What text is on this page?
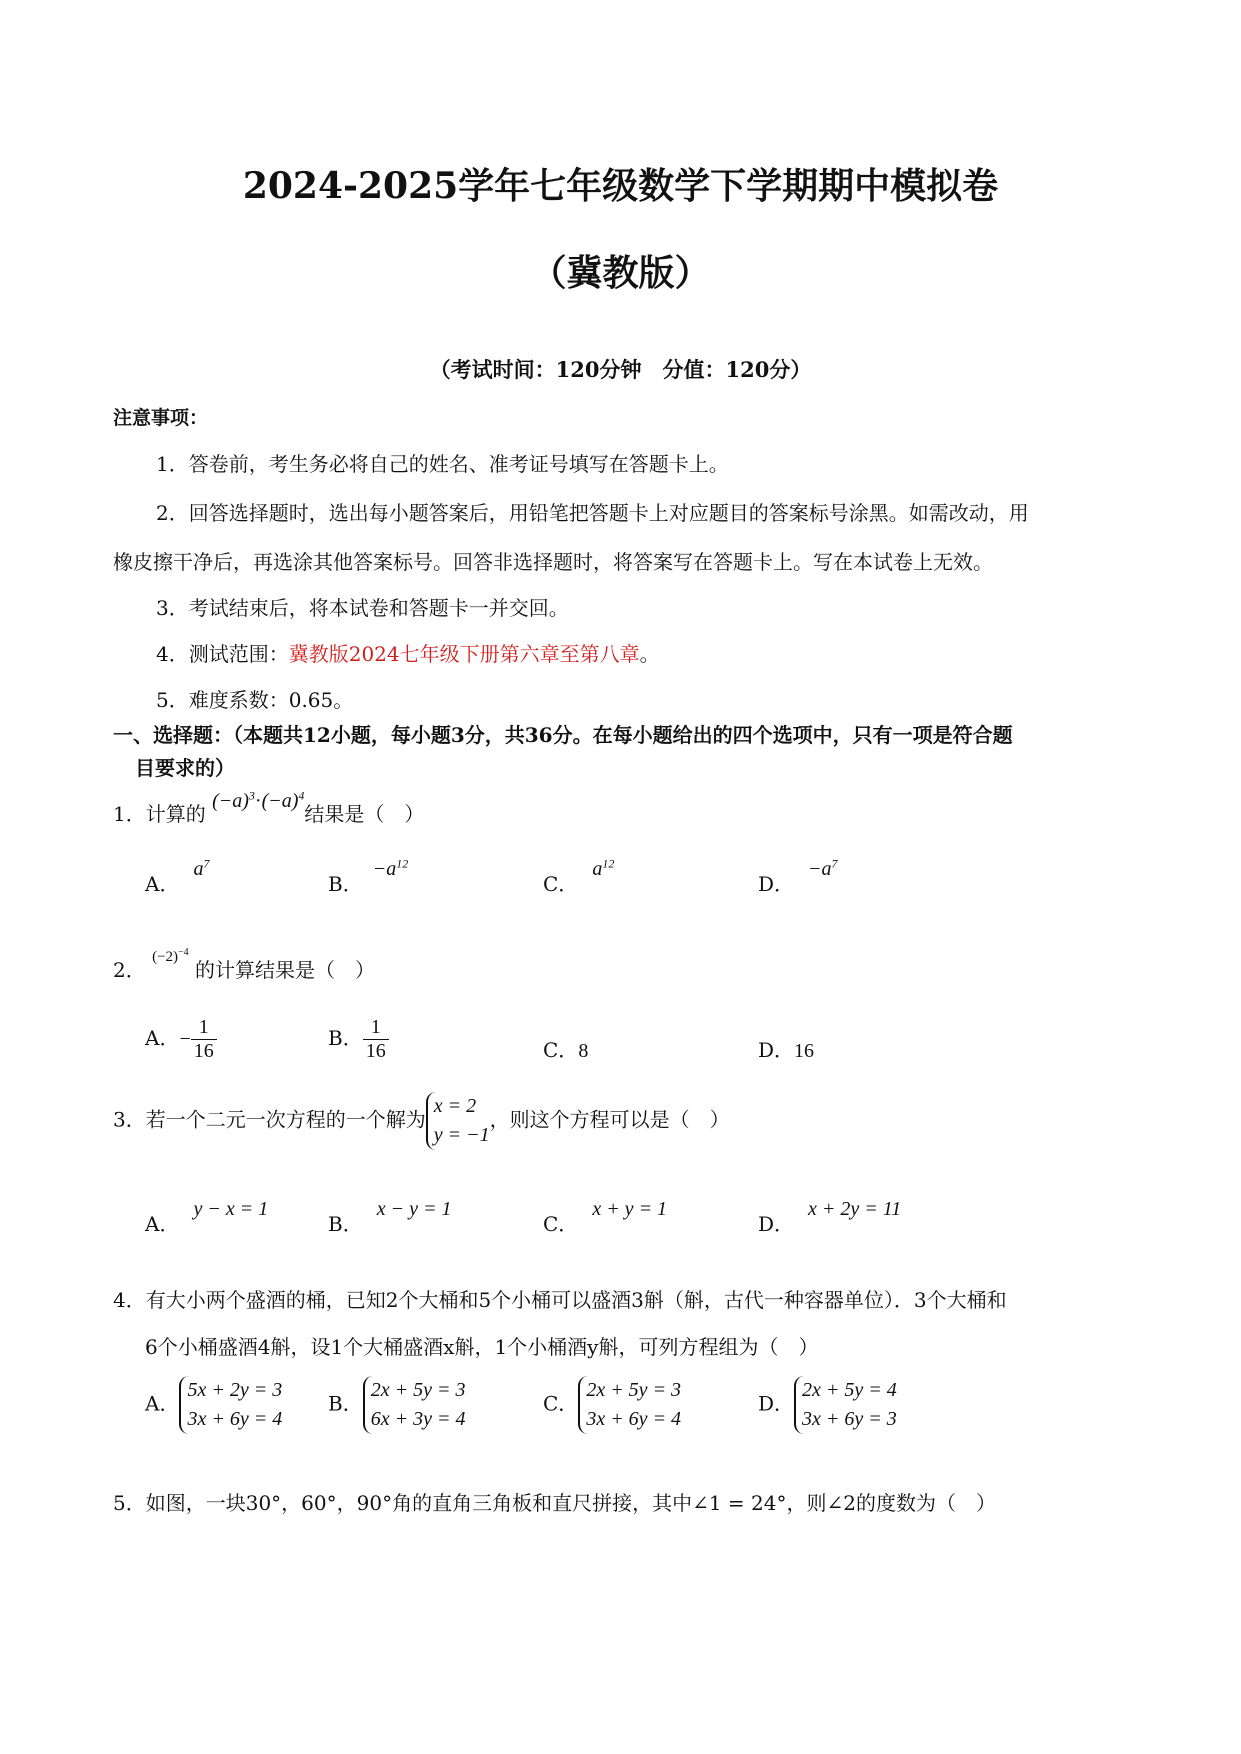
2024-2025学年七年级数学下学期期中模拟卷
（冀教版）
（考试时间：120分钟　分值：120分）
注意事项：
1．答卷前，考生务必将自己的姓名、准考证号填写在答题卡上。
2．回答选择题时，选出每小题答案后，用铅笔把答题卡上对应题目的答案标号涂黑。如需改动，用
橡皮擦干净后，再选涂其他答案标号。回答非选择题时，将答案写在答题卡上。写在本试卷上无效。
3．考试结束后，将本试卷和答题卡一并交回。
4．测试范围：冀教版2024七年级下册第六章至第八章。
5．难度系数：0.65。
一、选择题：（本题共12小题，每小题3分，共36分。在每小题给出的四个选项中，只有一项是符合题
目要求的）
1．计算的 $(-a)^3\cdot(-a)^4$结果是（　）
A．$a^7$
B．$-a^{12}$
C．$a^{12}$
D．$-a^7$
2． $^{(-2)^{-4}}$ 的计算结果是（　）
A．− $\frac{1}{16}$	B． $\frac{1}{16}$	C．8	D．16
3．若一个二元一次方程的一个解为
x = 2
y = −1
，则这个方程可以是（　）
A．y − x = 1
B．x − y = 1
C．x + y = 1
D．x + 2y = 11
4．有大小两个盛酒的桶，已知2个大桶和5个小桶可以盛酒3斛（斛，古代一种容器单位）．3个大桶和
6个小桶盛酒4斛，设1个大桶盛酒x斛，1个小桶酒y斛，可列方程组为（　）
A．
5x + 2y = 3
3x + 6y = 4
B．
2x + 5y = 3
6x + 3y = 4
C．
2x + 5y = 3
3x + 6y = 4
D．
2x + 5y = 4
3x + 6y = 3
5．如图，一块30°，60°，90°角的直角三角板和直尺拼接，其中∠1 = 24°，则∠2的度数为（　）
